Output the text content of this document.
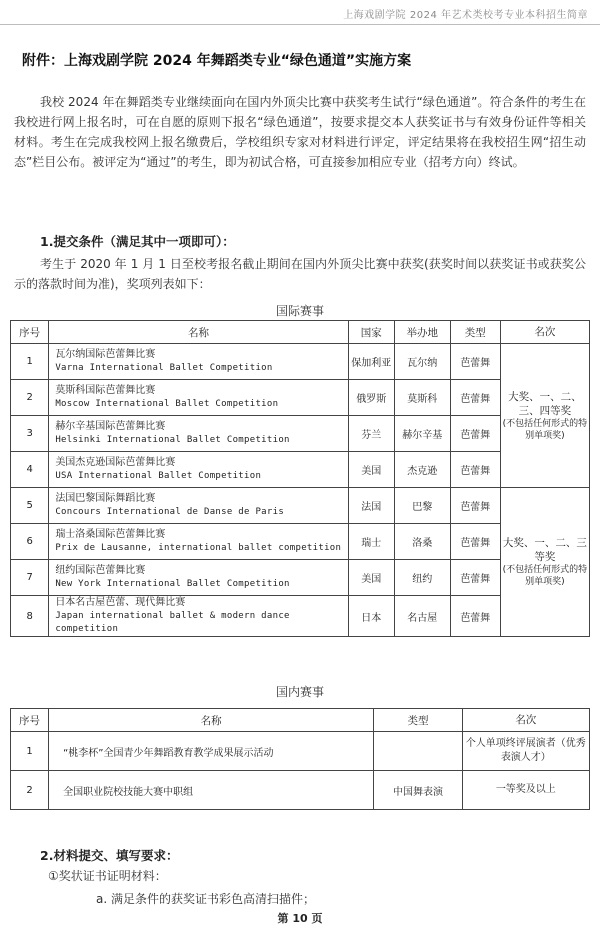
上海戏剧学院 2024 年艺术类校考专业本科招生简章
附件：上海戏剧学院 2024 年舞蹈类专业“绿色通道”实施方案
我校 2024 年在舞蹈类专业继续面向在国内外顶尖比赛中获奖考生试行“绿色通道”。符合条件的考生在我校进行网上报名时，可在自愿的原则下报名“绿色通道”，按要求提交本人获奖证书与有效身份证件等相关材料。考生在完成我校网上报名缴费后，学校组织专家对材料进行评定，评定结果将在我校招生网“招生动态”栏目公布。被评定为“通过”的考生，即为初试合格，可直接参加相应专业（招考方向）终试。
1.提交条件（满足其中一项即可）：
考生于 2020 年 1 月 1 日至校考报名截止期间在国内外顶尖比赛中获奖(获奖时间以获奖证书或获奖公示的落款时间为准)，奖项列表如下：
国际赛事
序号	名称	国家	举办地	类型	名次
1	瓦尔纳国际芭蕾舞比赛
Varna International Ballet Competition	保加利亚	瓦尔纳	芭蕾舞	大奖、一、二、三、四等奖
(不包括任何形式的特别单项奖)

2	莫斯科国际芭蕾舞比赛
Moscow International Ballet Competition	俄罗斯	莫斯科	芭蕾舞	
3	赫尔辛基国际芭蕾舞比赛
Helsinki International Ballet Competition	芬兰	赫尔辛基	芭蕾舞	
4	美国杰克逊国际芭蕾舞比赛
USA International Ballet Competition	美国	杰克逊	芭蕾舞	
5	法国巴黎国际舞蹈比赛
Concours International de Danse de Paris	法国	巴黎	芭蕾舞	大奖、一、二、三等奖
(不包括任何形式的特别单项奖)

6	瑞士洛桑国际芭蕾舞比赛
Prix de Lausanne, international ballet competition	瑞士	洛桑	芭蕾舞	
7	纽约国际芭蕾舞比赛
New York International Ballet Competition	美国	纽约	芭蕾舞	
8	日本名古屋芭蕾、现代舞比赛
Japan international ballet & modern dance competition	日本	名古屋	芭蕾舞	
国内赛事
序号	名称	类型	名次
1	“桃李杯”全国青少年舞蹈教育教学成果展示活动		个人单项终评展演者（优秀表演人才）
2	全国职业院校技能大赛中职组	中国舞表演	一等奖及以上
2.材料提交、填写要求：
①奖状证书证明材料：
a. 满足条件的获奖证书彩色高清扫描件；
第 10 页
